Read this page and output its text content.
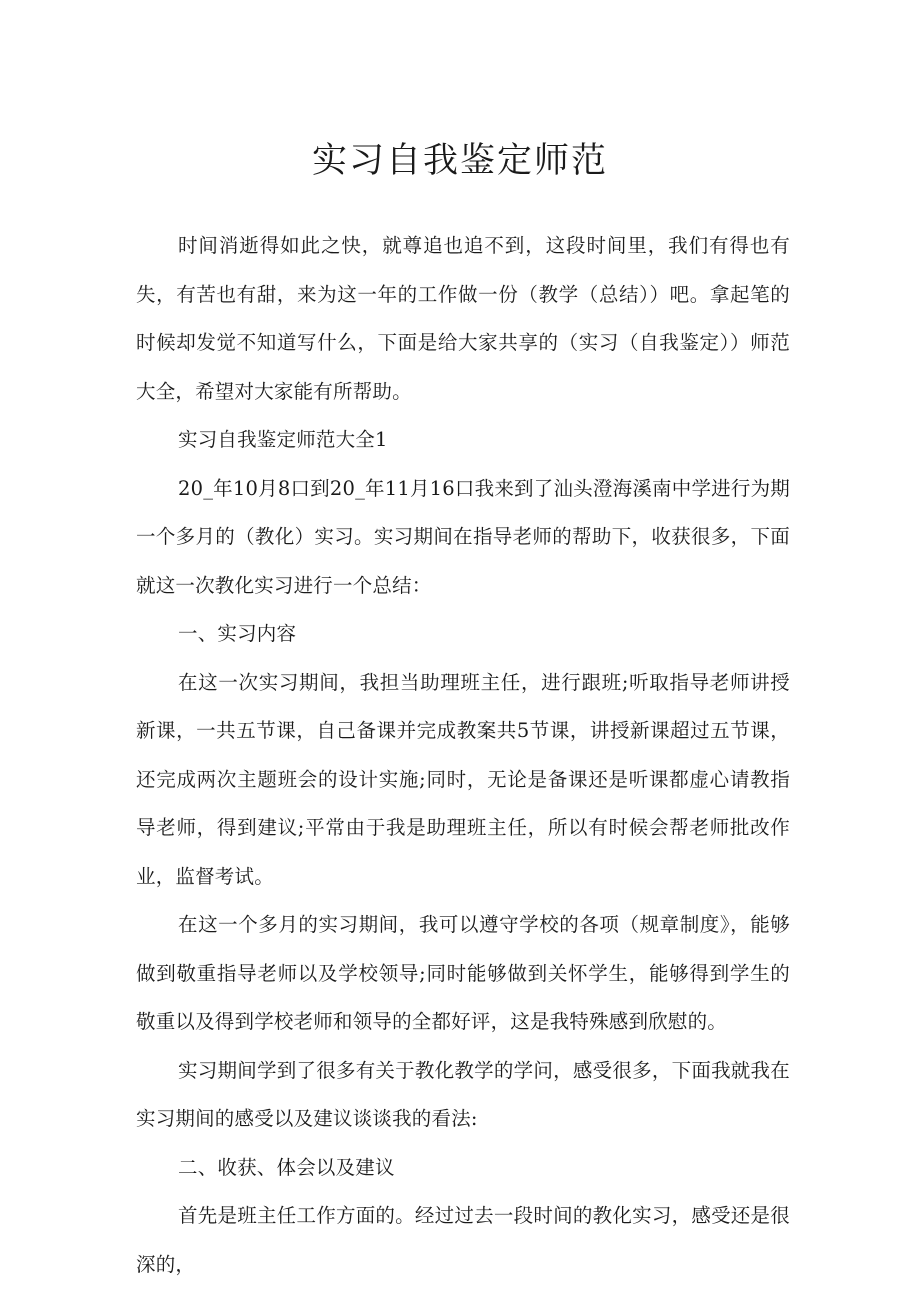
实习自我鉴定师范

时间消逝得如此之快，就尊追也追不到，这段时间里，我们有得也有失，有苦也有甜，来为这一年的工作做一份（教学（总结））吧。拿起笔的时候却发觉不知道写什么，下面是给大家共享的（实习（自我鉴定））师范大全，希望对大家能有所帮助。

实习自我鉴定师范大全1

20_年10月8口到20_年11月16口我来到了汕头澄海溪南中学进行为期一个多月的（教化）实习。实习期间在指导老师的帮助下，收获很多，下面就这一次教化实习进行一个总结：

一、实习内容

在这一次实习期间，我担当助理班主任，进行跟班;听取指导老师讲授新课，一共五节课，自己备课并完成教案共5节课，讲授新课超过五节课，还完成两次主题班会的设计实施;同时，无论是备课还是听课都虚心请教指导老师，得到建议;平常由于我是助理班主任，所以有时候会帮老师批改作业，监督考试。

在这一个多月的实习期间，我可以遵守学校的各项（规章制度》，能够做到敬重指导老师以及学校领导;同时能够做到关怀学生，能够得到学生的敬重以及得到学校老师和领导的全都好评，这是我特殊感到欣慰的。

实习期间学到了很多有关于教化教学的学问，感受很多，下面我就我在实习期间的感受以及建议谈谈我的看法:

二、收获、体会以及建议

首先是班主任工作方面的。经过过去一段时间的教化实习，感受还是很深的，
